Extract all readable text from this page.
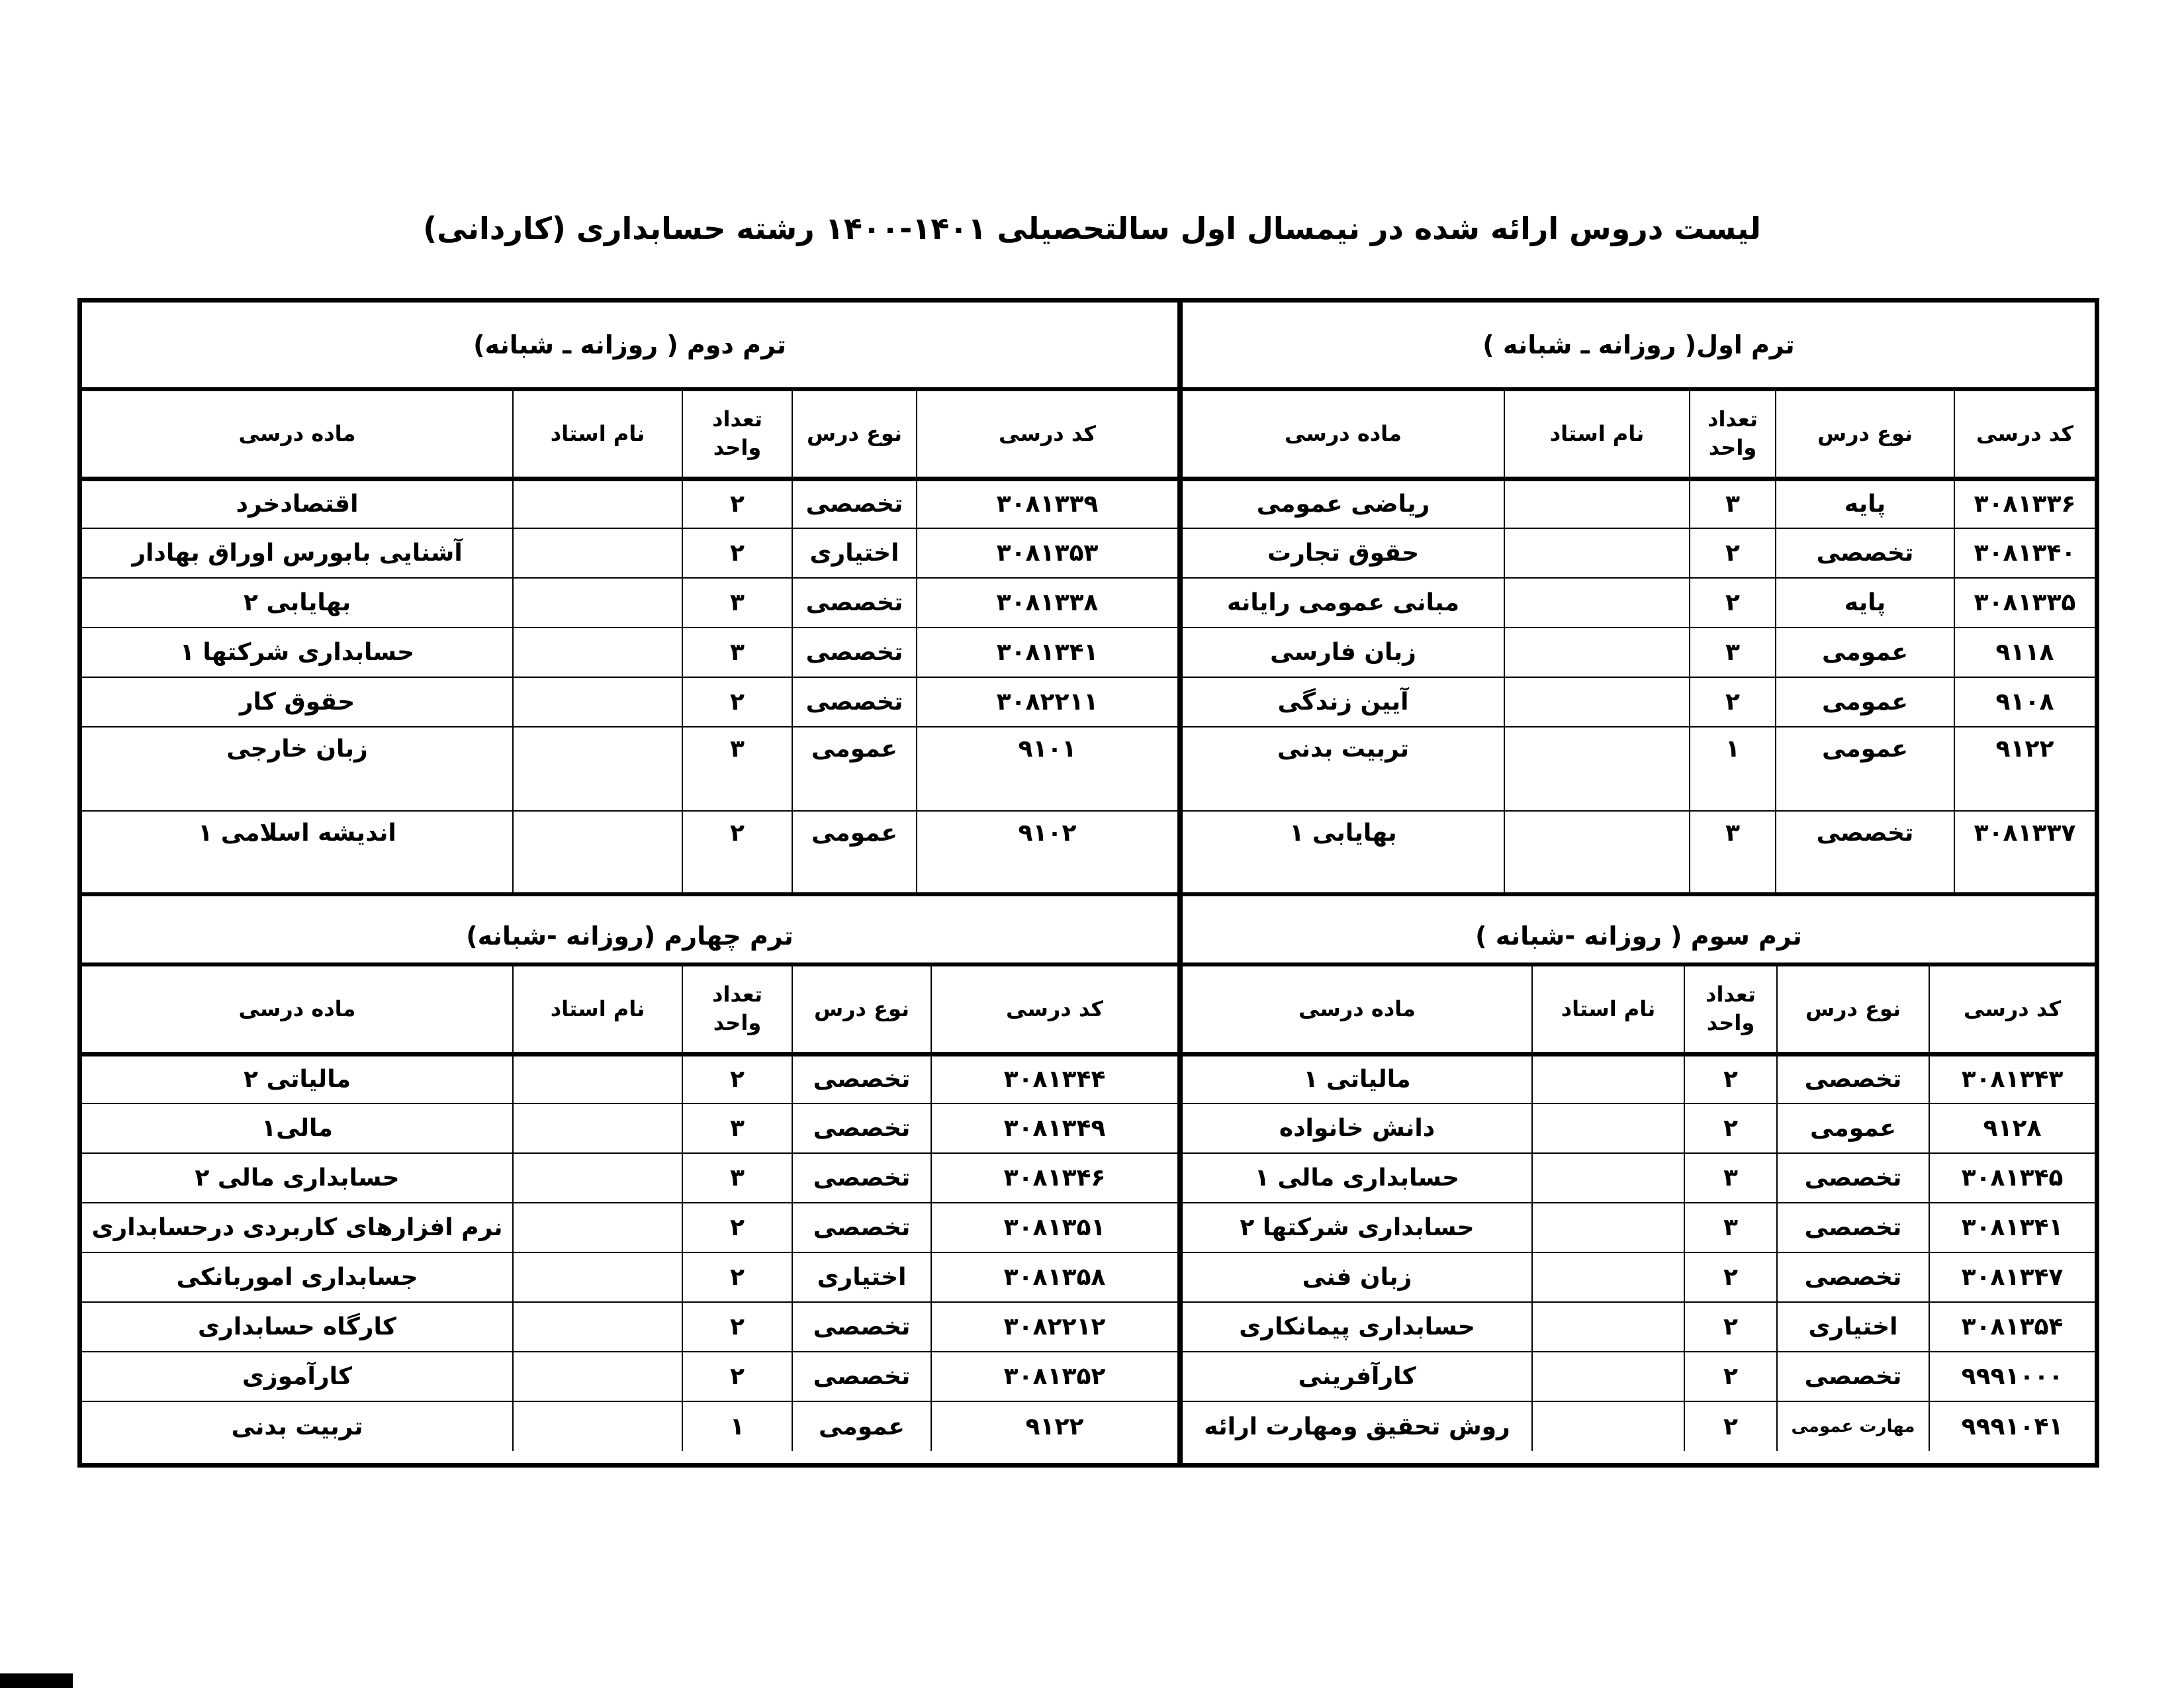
لیست دروس ارائه شده در نیمسال اول سالتحصیلی ۱۴۰۱-۱۴۰۰ رشته حسابداری (کاردانی)
ترم اول( روزانه ـ شبانه )
کد درسی	نوع درس	تعداد واحد	نام استاد	ماده درسی
۳۰۸۱۳۳۶	پایه	۳		ریاضی عمومی
۳۰۸۱۳۴۰	تخصصی	۲		حقوق تجارت
۳۰۸۱۳۳۵	پایه	۲		مبانی عمومی رایانه
۹۱۱۸	عمومی	۳		زبان فارسی
۹۱۰۸	عمومی	۲		آیین زندگی
۹۱۲۲	عمومی	۱		تربیت بدنی
۳۰۸۱۳۳۷	تخصصی	۳		بهایابی ۱
ترم سوم ( روزانه -شبانه )
کد درسی	نوع درس	تعداد واحد	نام استاد	ماده درسی
۳۰۸۱۳۴۳	تخصصی	۲		مالیاتی ۱
۹۱۲۸	عمومی	۲		دانش خانواده
۳۰۸۱۳۴۵	تخصصی	۳		حسابداری مالی ۱
۳۰۸۱۳۴۱	تخصصی	۳		حسابداری شرکتها ۲
۳۰۸۱۳۴۷	تخصصی	۲		زبان فنی
۳۰۸۱۳۵۴	اختیاری	۲		حسابداری پیمانکاری
۹۹۹۱۰۰۰	تخصصی	۲		کارآفرینی
۹۹۹۱۰۴۱	مهارت عمومی	۲		روش تحقیق ومهارت ارائه
ترم دوم ( روزانه ـ شبانه)
کد درسی	نوع درس	تعداد واحد	نام استاد	ماده درسی
۳۰۸۱۳۳۹	تخصصی	۲		اقتصادخرد
۳۰۸۱۳۵۳	اختیاری	۲		آشنایی بابورس اوراق بهادار
۳۰۸۱۳۳۸	تخصصی	۳		بهایابی ۲
۳۰۸۱۳۴۱	تخصصی	۳		حسابداری شرکتها ۱
۳۰۸۲۲۱۱	تخصصی	۲		حقوق کار
۹۱۰۱	عمومی	۳		زبان خارجی
۹۱۰۲	عمومی	۲		اندیشه اسلامی ۱
ترم چهارم (روزانه -شبانه)
کد درسی	نوع درس	تعداد واحد	نام استاد	ماده درسی
۳۰۸۱۳۴۴	تخصصی	۲		مالیاتی ۲
۳۰۸۱۳۴۹	تخصصی	۳		مالی۱
۳۰۸۱۳۴۶	تخصصی	۳		حسابداری مالی ۲
۳۰۸۱۳۵۱	تخصصی	۲		نرم افزارهای کاربردی درحسابداری
۳۰۸۱۳۵۸	اختیاری	۲		جسابداری اموربانکی
۳۰۸۲۲۱۲	تخصصی	۲		کارگاه حسابداری
۳۰۸۱۳۵۲	تخصصی	۲		کارآموزی
۹۱۲۲	عمومی	۱		تربیت بدنی
